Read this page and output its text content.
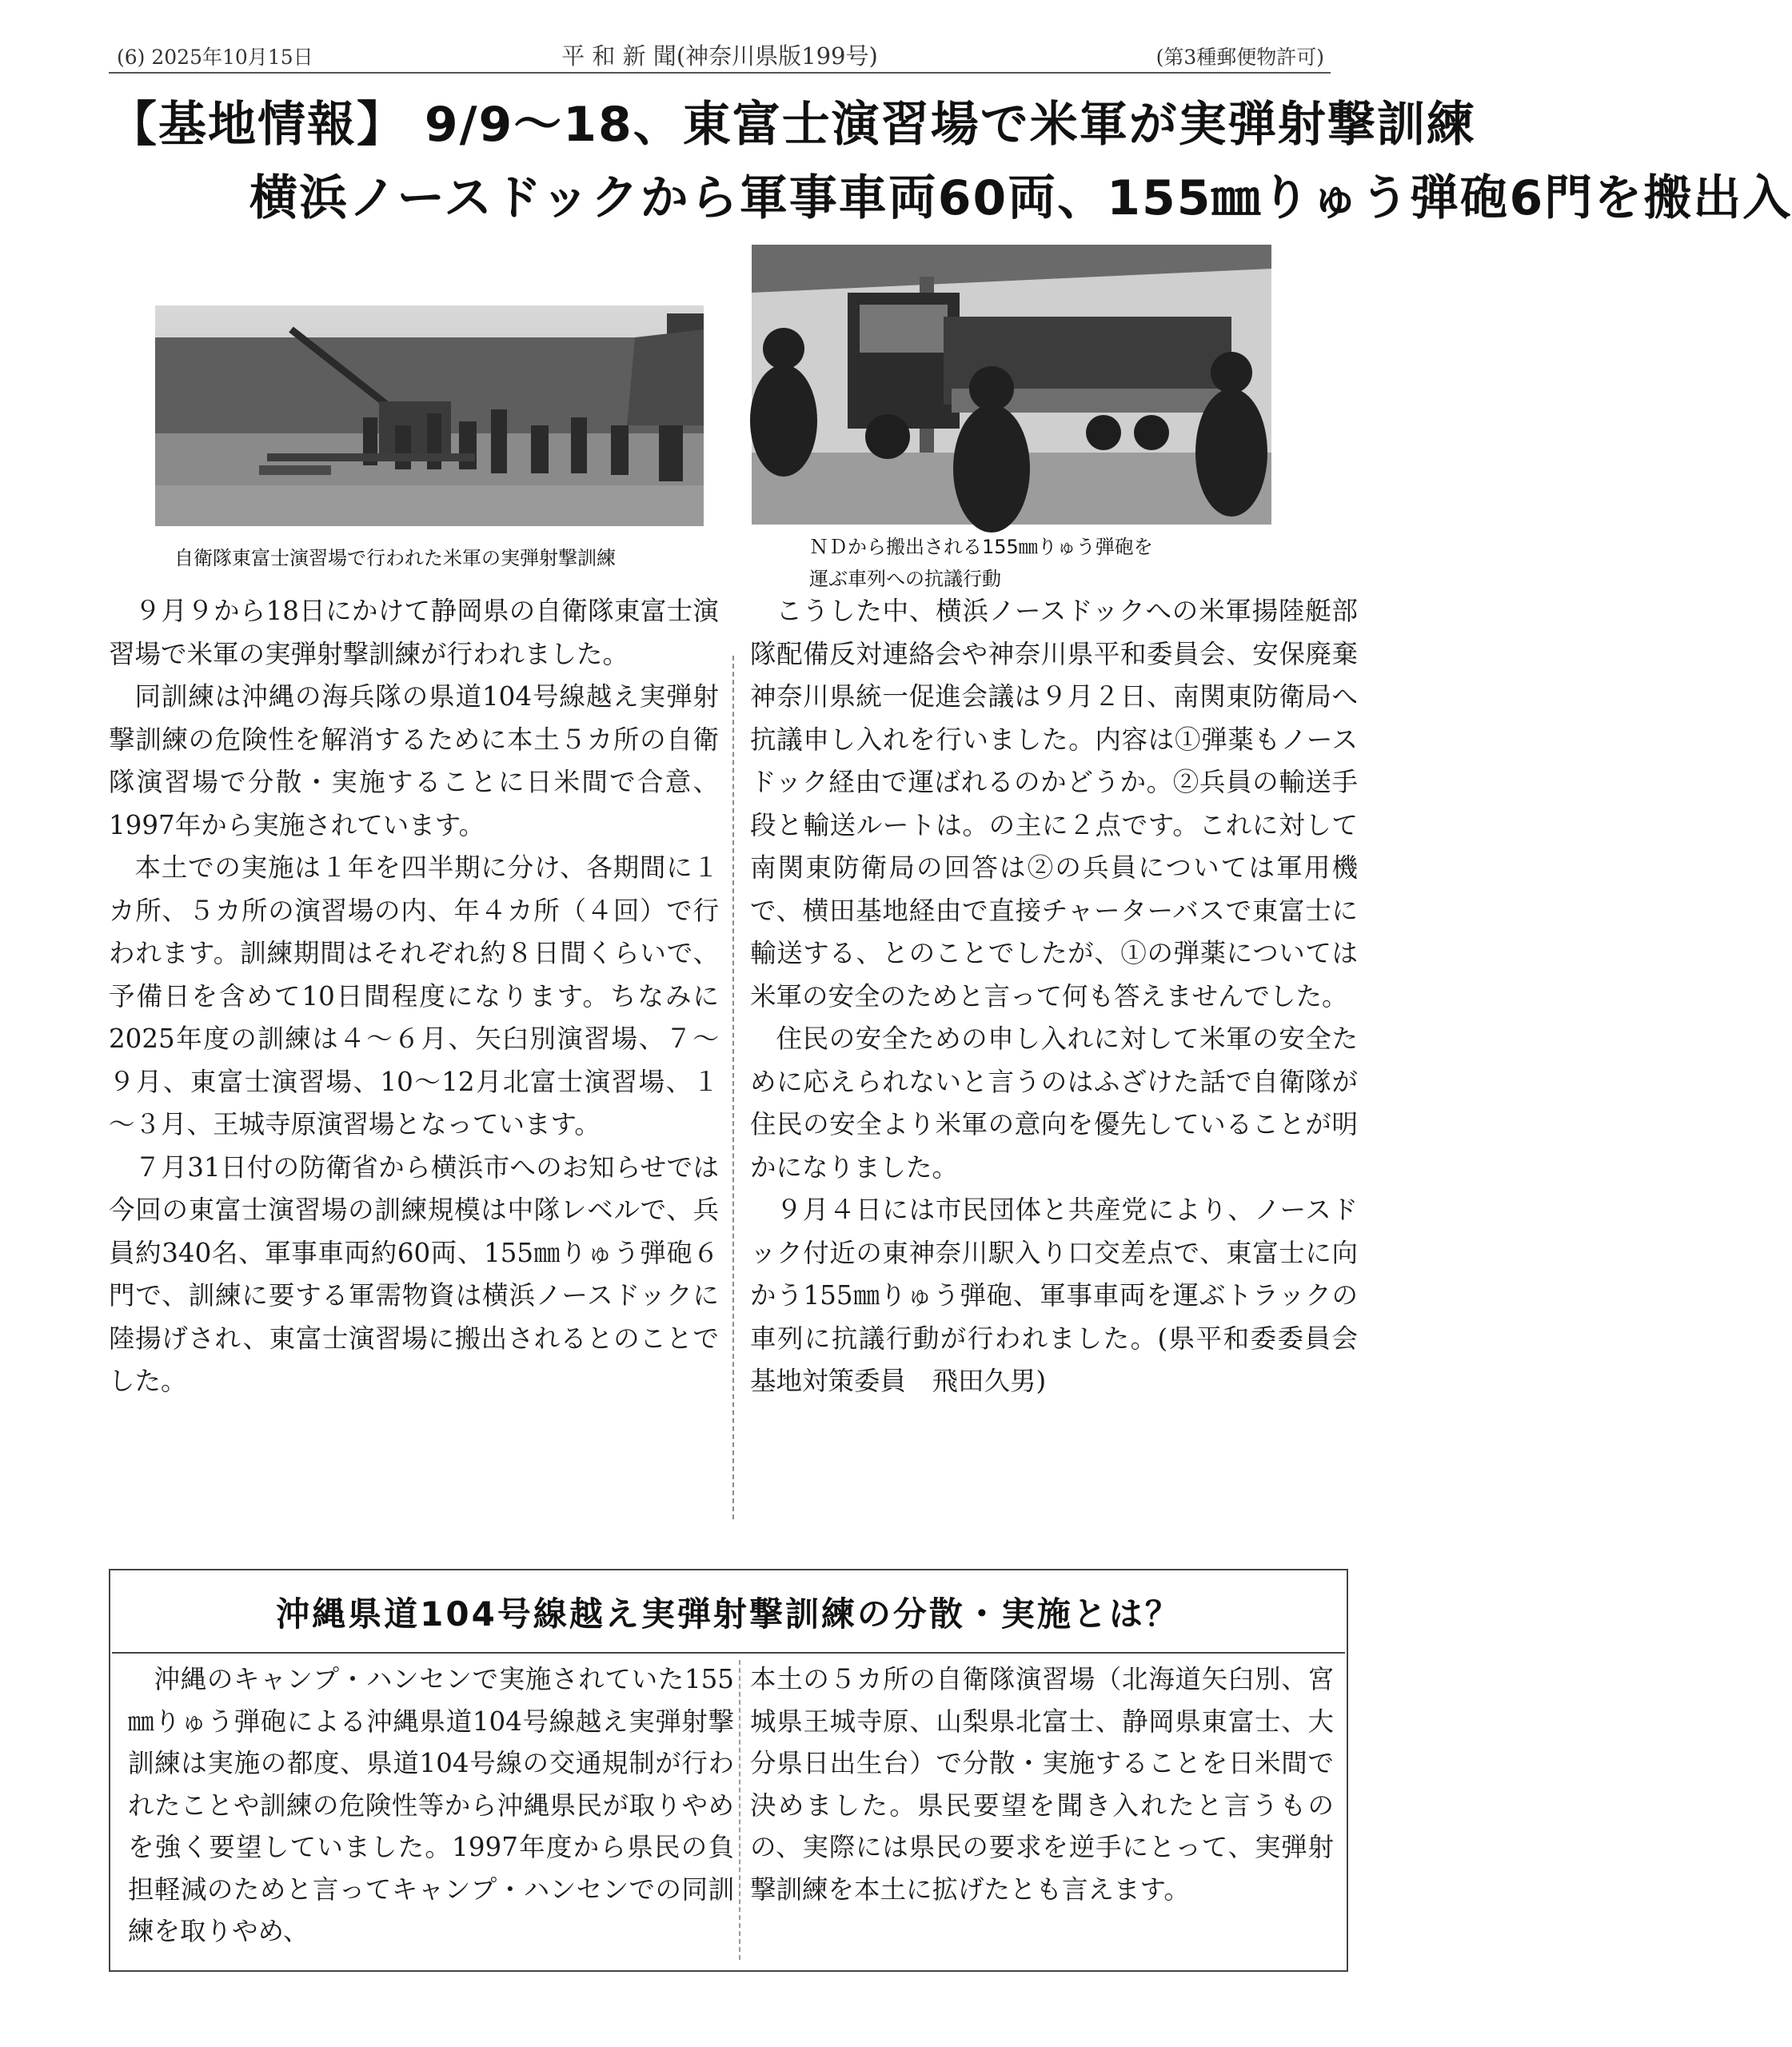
(6) 2025年10月15日	平 和 新 聞(神奈川県版199号)	(第3種郵便物許可)
【基地情報】 9/9～18、東富士演習場で米軍が実弾射撃訓練
横浜ノースドックから軍事車両60両、155㎜りゅう弾砲6門を搬出入
自衛隊東富士演習場で行われた米軍の実弾射撃訓練	ＮＤから搬出される155㎜りゅう弾砲を
運ぶ車列への抗議行動

９月９から18日にかけて静岡県の自衛隊東富士演習場で米軍の実弾射撃訓練が行われました。

同訓練は沖縄の海兵隊の県道104号線越え実弾射撃訓練の危険性を解消するために本土５カ所の自衛隊演習場で分散・実施することに日米間で合意、1997年から実施されています。

本土での実施は１年を四半期に分け、各期間に１カ所、５カ所の演習場の内、年４カ所（４回）で行われます。訓練期間はそれぞれ約８日間くらいで、予備日を含めて10日間程度になります。ちなみに2025年度の訓練は４～６月、矢臼別演習場、７～９月、東富士演習場、10～12月北富士演習場、１～３月、王城寺原演習場となっています。

７月31日付の防衛省から横浜市へのお知らせでは今回の東富士演習場の訓練規模は中隊レベルで、兵員約340名、軍事車両約60両、155㎜りゅう弾砲６門で、訓練に要する軍需物資は横浜ノースドックに陸揚げされ、東富士演習場に搬出されるとのことでした。

こうした中、横浜ノースドックへの米軍揚陸艇部隊配備反対連絡会や神奈川県平和委員会、安保廃棄神奈川県統一促進会議は９月２日、南関東防衛局へ抗議申し入れを行いました。内容は①弾薬もノースドック経由で運ばれるのかどうか。②兵員の輸送手段と輸送ルートは。の主に２点です。これに対して南関東防衛局の回答は②の兵員については軍用機で、横田基地経由で直接チャーターバスで東富士に輸送する、とのことでしたが、①の弾薬については米軍の安全のためと言って何も答えませんでした。

住民の安全ための申し入れに対して米軍の安全ために応えられないと言うのはふざけた話で自衛隊が住民の安全より米軍の意向を優先していることが明かになりました。

９月４日には市民団体と共産党により、ノースドック付近の東神奈川駅入り口交差点で、東富士に向かう155㎜りゅう弾砲、軍事車両を運ぶトラックの車列に抗議行動が行われました。(県平和委委員会基地対策委員　飛田久男)

沖縄県道104号線越え実弾射撃訓練の分散・実施とは？

沖縄のキャンプ・ハンセンで実施されていた155㎜りゅう弾砲による沖縄県道104号線越え実弾射撃訓練は実施の都度、県道104号線の交通規制が行われたことや訓練の危険性等から沖縄県民が取りやめを強く要望していました。1997年度から県民の負担軽減のためと言ってキャンプ・ハンセンでの同訓練を取りやめ、

本土の５カ所の自衛隊演習場（北海道矢臼別、宮城県王城寺原、山梨県北富士、静岡県東富士、大分県日出生台）で分散・実施することを日米間で決めました。県民要望を聞き入れたと言うものの、実際には県民の要求を逆手にとって、実弾射撃訓練を本土に拡げたとも言えます。
